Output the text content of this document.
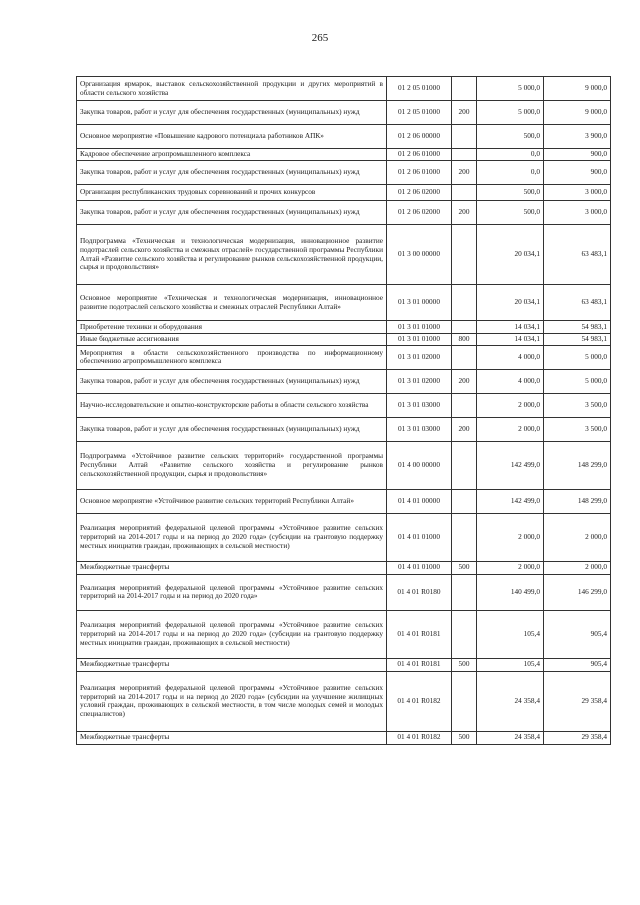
265
Организация ярмарок, выставок сельскохозяйственной продукции и других мероприятий в области сельского хозяйства	01 2 05 01000		5 000,0	9 000,0
Закупка товаров, работ и услуг для обеспечения государственных (муниципальных) нужд	01 2 05 01000	200	5 000,0	9 000,0
Основное мероприятие «Повышение кадрового потенциала работников АПК»	01 2 06 00000		500,0	3 900,0
Кадровое обеспечение агропромышленного комплекса	01 2 06 01000		0,0	900,0
Закупка товаров, работ и услуг для обеспечения государственных (муниципальных) нужд	01 2 06 01000	200	0,0	900,0
Организация республиканских трудовых соревнований и прочих конкурсов	01 2 06 02000		500,0	3 000,0
Закупка товаров, работ и услуг для обеспечения государственных (муниципальных) нужд	01 2 06 02000	200	500,0	3 000,0
Подпрограмма «Техническая и технологическая модернизация, инновационное развитие подотраслей сельского хозяйства и смежных отраслей» государственной программы Республики Алтай «Развитие сельского хозяйства и регулирование рынков сельскохозяйственной продукции, сырья и продовольствия»	01 3 00 00000		20 034,1	63 483,1
Основное мероприятие «Техническая и технологическая модернизация, инновационное развитие подотраслей сельского хозяйства и смежных отраслей Республики Алтай»	01 3 01 00000		20 034,1	63 483,1
Приобретение техники и оборудования	01 3 01 01000		14 034,1	54 983,1
Иные бюджетные ассигнования	01 3 01 01000	800	14 034,1	54 983,1
Мероприятия в области сельскохозяйственного производства по информационному обеспечению агропромышленного комплекса	01 3 01 02000		4 000,0	5 000,0
Закупка товаров, работ и услуг для обеспечения государственных (муниципальных) нужд	01 3 01 02000	200	4 000,0	5 000,0
Научно-исследовательские и опытно-конструкторские работы в области сельского хозяйства	01 3 01 03000		2 000,0	3 500,0
Закупка товаров, работ и услуг для обеспечения государственных (муниципальных) нужд	01 3 01 03000	200	2 000,0	3 500,0
Подпрограмма «Устойчивое развитие сельских территорий» государственной программы Республики Алтай «Развитие сельского хозяйства и регулирование рынков сельскохозяйственной продукции, сырья и продовольствия»	01 4 00 00000		142 499,0	148 299,0
Основное мероприятие «Устойчивое развитие сельских территорий Республики Алтай»	01 4 01 00000		142 499,0	148 299,0
Реализация мероприятий федеральной целевой программы «Устойчивое развитие сельских территорий на 2014-2017 годы и на период до 2020 года» (субсидии на грантовую поддержку местных инициатив граждан, проживающих в сельской местности)	01 4 01 01000		2 000,0	2 000,0
Межбюджетные трансферты	01 4 01 01000	500	2 000,0	2 000,0
Реализация мероприятий федеральной целевой программы «Устойчивое развитие сельских территорий на 2014-2017 годы и на период до 2020 года»	01 4 01 R0180		140 499,0	146 299,0
Реализация мероприятий федеральной целевой программы «Устойчивое развитие сельских территорий на 2014-2017 годы и на период до 2020 года» (субсидии на грантовую поддержку местных инициатив граждан, проживающих в сельской местности)	01 4 01 R0181		105,4	905,4
Межбюджетные трансферты	01 4 01 R0181	500	105,4	905,4
Реализация мероприятий федеральной целевой программы «Устойчивое развитие сельских территорий на 2014-2017 годы и на период до 2020 года» (субсидии на улучшение жилищных условий граждан, проживающих в сельской местности, в том числе молодых семей и молодых специалистов)	01 4 01 R0182		24 358,4	29 358,4
Межбюджетные трансферты	01 4 01 R0182	500	24 358,4	29 358,4
